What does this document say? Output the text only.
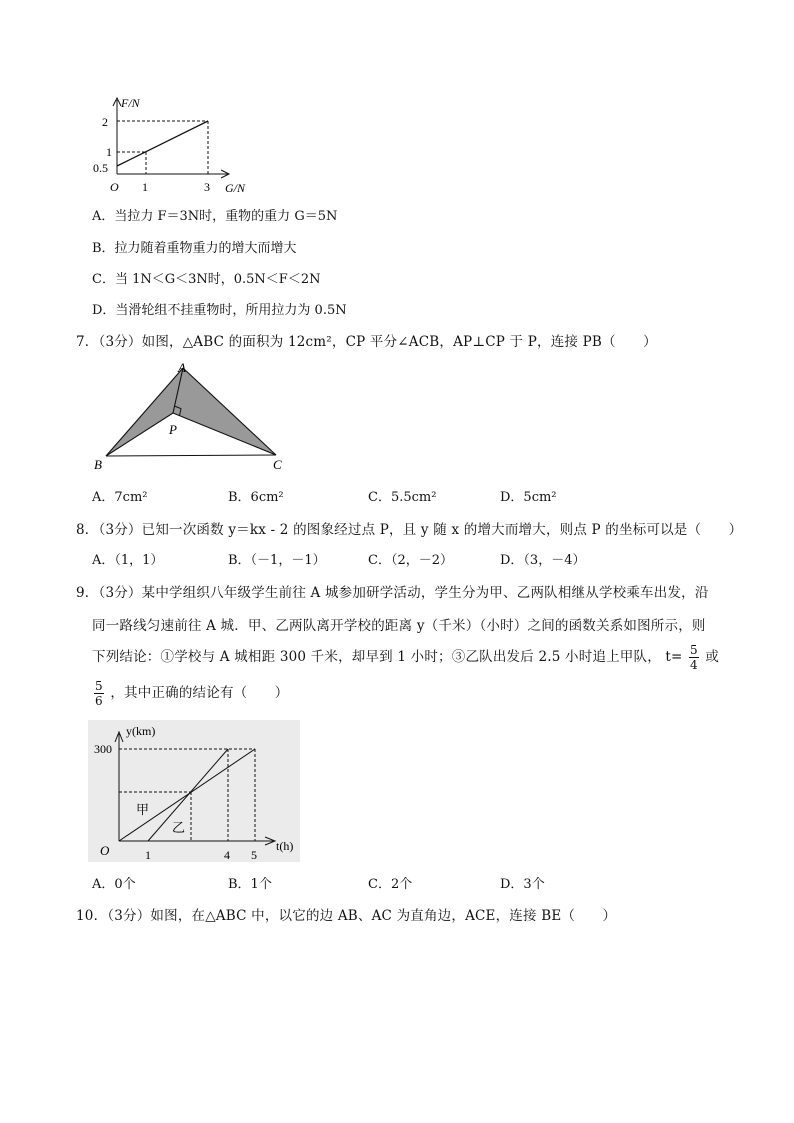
F/N
2
1
0.5
O 1	3 G/N
A．当拉力 F＝3N时，重物的重力 G＝5N
B．拉力随着重物重力的增大而增大
C．当 1N＜G＜3N时，0.5N＜F＜2N
D．当滑轮组不挂重物时，所用拉力为 0.5N
7．（3分）如图，△ABC 的面积为 12cm²，CP 平分∠ACB，AP⊥CP 于 P，连接 PB（　　）
A
B	C
P
A．7cm²	B．6cm²	C．5.5cm²	D．5cm²
8．（3分）已知一次函数 y＝kx - 2 的图象经过点 P，且 y 随 x 的增大而增大，则点 P 的坐标可以是（　　）
A．（1，1）	B．（－1，－1）	C．（2，－2）	D．（3，－4）
9．（3分）某中学组织八年级学生前往 A 城参加研学活动，学生分为甲、乙两队相继从学校乘车出发，沿
同一路线匀速前往 A 城．甲、乙两队离开学校的距离 y（千米）（小时）之间的函数关系如图所示，则
下列结论：①学校与 A 城相距 300 千米，却早到 1 小时；③乙队出发后 2.5 小时追上甲队， $t= \frac{5}{4}$ 或
$\frac{5}{6}$ ，其中正确的结论有（　　）
y(km)
300
O	1	4 5
t(h)
甲
乙
A．0个	B．1个	C．2个	D．3个
10．（3分）如图，在△ABC 中，以它的边 AB、AC 为直角边，ACE，连接 BE（　　）
